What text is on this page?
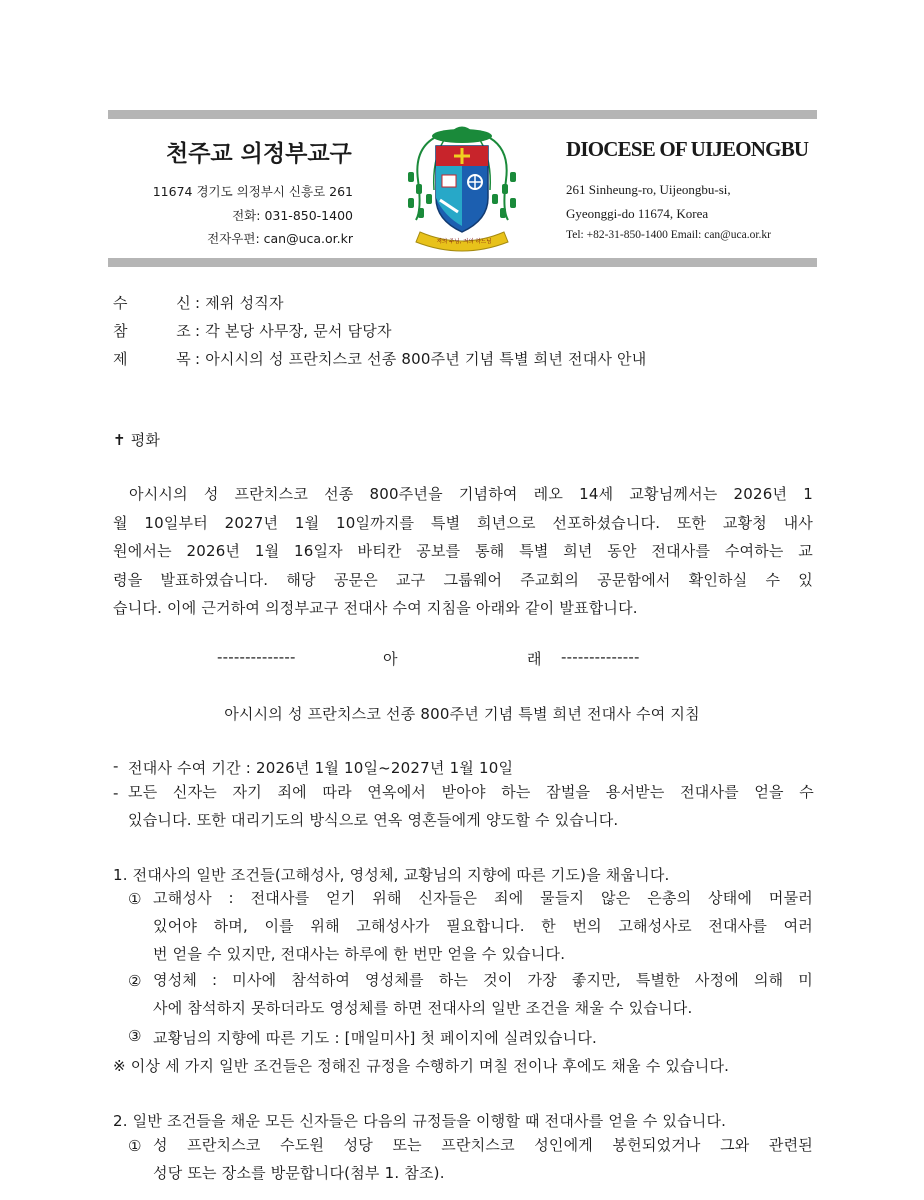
천주교 의정부교구
11674 경기도 의정부시 신흥로 261
전화: 031-850-1400
전자우편: can@uca.or.kr	저의 주님, 저의 하느님
DIOCESE OF UIJEONGBU
261 Sinheung-ro, Uijeongbu-si,
Gyeonggi-do 11674, Korea
Tel: +82-31-850-1400 Email: can@uca.or.kr
수 신 : 제위 성직자
참 조 : 각 본당 사무장, 문서 담당자
제 목 : 아시시의 성 프란치스코 선종 800주년 기념 특별 희년 전대사 안내
✝ 평화

아시시의 성 프란치스코 선종 800주년을 기념하여 레오 14세 교황님께서는 2026년 1

월 10일부터 2027년 1월 10일까지를 특별 희년으로 선포하셨습니다. 또한 교황청 내사

원에서는 2026년 1월 16일자 바티칸 공보를 통해 특별 희년 동안 전대사를 수여하는 교

령을 발표하였습니다. 해당 공문은 교구 그룹웨어 주교회의 공문함에서 확인하실 수 있

습니다. 이에 근거하여 의정부교구 전대사 수여 지침을 아래와 같이 발표합니다.

--------------	아	래 --------------
아시시의 성 프란치스코 선종 800주년 기념 특별 희년 전대사 수여 지침
- 전대사 수여 기간 : 2026년 1월 10일~2027년 1월 10일
- 모든 신자는 자기 죄에 따라 연옥에서 받아야 하는 잠벌을 용서받는 전대사를 얻을 수

있습니다. 또한 대리기도의 방식으로 연옥 영혼들에게 양도할 수 있습니다.

1. 전대사의 일반 조건들(고해성사, 영성체, 교황님의 지향에 따른 기도)을 채웁니다.
① 고해성사 : 전대사를 얻기 위해 신자들은 죄에 물들지 않은 은총의 상태에 머물러

있어야 하며, 이를 위해 고해성사가 필요합니다. 한 번의 고해성사로 전대사를 여러

번 얻을 수 있지만, 전대사는 하루에 한 번만 얻을 수 있습니다.

② 영성체 : 미사에 참석하여 영성체를 하는 것이 가장 좋지만, 특별한 사정에 의해 미

사에 참석하지 못하더라도 영성체를 하면 전대사의 일반 조건을 채울 수 있습니다.

③ 교황님의 지향에 따른 기도 : [매일미사] 첫 페이지에 실려있습니다.
※ 이상 세 가지 일반 조건들은 정해진 규정을 수행하기 며칠 전이나 후에도 채울 수 있습니다.
2. 일반 조건들을 채운 모든 신자들은 다음의 규정들을 이행할 때 전대사를 얻을 수 있습니다.
① 성 프란치스코 수도원 성당 또는 프란치스코 성인에게 봉헌되었거나 그와 관련된

성당 또는 장소를 방문합니다(첨부 1. 참조).
